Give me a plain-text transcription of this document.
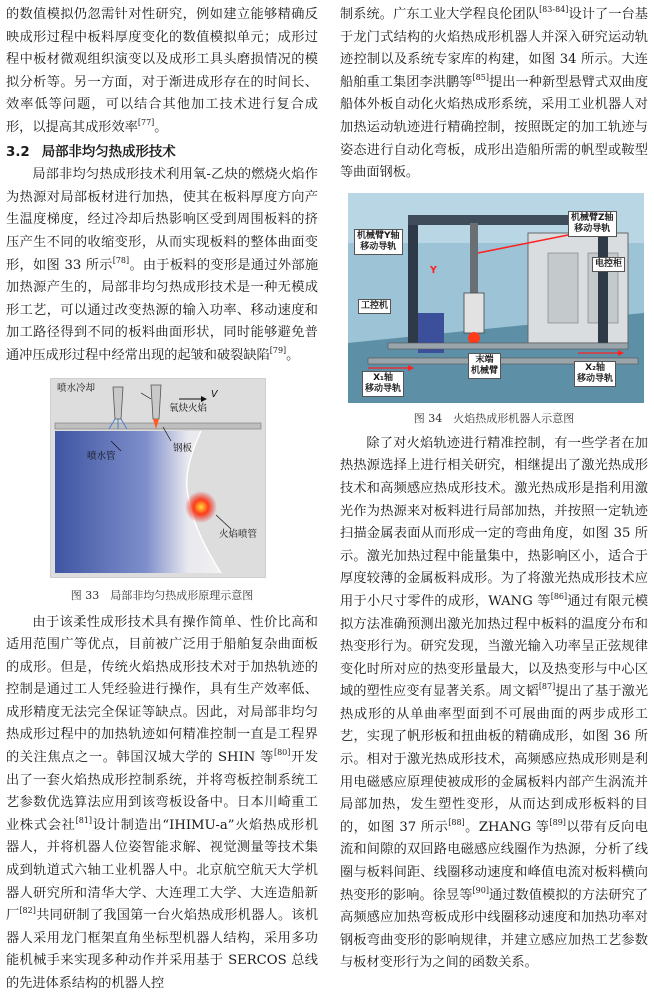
的数值模拟仍忽需针对性研究，例如建立能够精确反映成形过程中板料厚度变化的数值模拟单元；成形过程中板材微观组织演变以及成形工具头磨损情况的模拟分析等。另一方面，对于渐进成形存在的时间长、效率低等问题，可以结合其他加工技术进行复合成形，以提高其成形效率[77]。

3.2 局部非均匀热成形技术

局部非均匀热成形技术利用氧-乙炔的燃烧火焰作为热源对局部板材进行加热，使其在板料厚度方向产生温度梯度，经过冷却后热影响区受到周围板料的挤压产生不同的收缩变形，从而实现板料的整体曲面变形，如图 33 所示[78]。由于板料的变形是通过外部施加热源产生的，局部非均匀热成形技术是一种无模成形工艺，可以通过改变热源的输入功率、移动速度和加工路径得到不同的板料曲面形状，同时能够避免普通冲压成形过程中经常出现的起皱和破裂缺陷[79]。

喷水冷却
V
氧炔火焰
喷水管
钢板
火焰喷管
图 33　局部非均匀热成形原理示意图

由于该柔性成形技术具有操作简单、性价比高和适用范围广等优点，目前被广泛用于船舶复杂曲面板的成形。但是，传统火焰热成形技术对于加热轨迹的控制是通过工人凭经验进行操作，具有生产效率低、成形精度无法完全保证等缺点。因此，对局部非均匀热成形过程中的加热轨迹如何精准控制一直是工程界的关注焦点之一。韩国汉城大学的 SHIN 等[80]开发出了一套火焰热成形控制系统，并将弯板控制系统工艺参数优选算法应用到该弯板设备中。日本川崎重工业株式会社[81]设计制造出“IHIMU-a”火焰热成形机器人，并将机器人位姿智能求解、视觉测量等技术集成到轨道式六轴工业机器人中。北京航空航天大学机器人研究所和清华大学、大连理工大学、大连造船新厂[82]共同研制了我国第一台火焰热成形机器人。该机器人采用龙门框架直角坐标型机器人结构，采用多功能机械手来实现多种动作并采用基于 SERCOS 总线的先进体系结构的机器人控

制系统。广东工业大学程良伦团队[83-84]设计了一台基于龙门式结构的火焰热成形机器人并深入研究运动轨迹控制以及系统专家库的构建，如图 34 所示。大连船舶重工集团李洪鹏等[85]提出一种新型悬臂式双曲度船体外板自动化火焰热成形系统，采用工业机器人对加热运动轨迹进行精确控制，按照既定的加工轨迹与姿态进行自动化弯板，成形出造船所需的帆型或鞍型等曲面钢板。

机械臂Y轴
移动导轨
机械臂Z轴
移动导轨
电控柜
工控机
Y
X₁轴
移动导轨
末端
机械臂	X₂轴
移动导轨
图 34　火焰热成形机器人示意图

除了对火焰轨迹进行精准控制，有一些学者在加热热源选择上进行相关研究，相继提出了激光热成形技术和高频感应热成形技术。激光热成形是指利用激光作为热源来对板料进行局部加热，并按照一定轨迹扫描金属表面从而形成一定的弯曲角度，如图 35 所示。激光加热过程中能量集中，热影响区小，适合于厚度较薄的金属板料成形。为了将激光热成形技术应用于小尺寸零件的成形，WANG 等[86]通过有限元模拟方法准确预测出激光加热过程中板料的温度分布和热变形行为。研究发现，当激光输入功率呈正弦规律变化时所对应的热变形量最大，以及热变形与中心区域的塑性应变有显著关系。周文韬[87]提出了基于激光热成形的从单曲率型面到不可展曲面的两步成形工艺，实现了帆形板和扭曲板的精确成形，如图 36 所示。相对于激光热成形技术，高频感应热成形则是利用电磁感应原理使被成形的金属板料内部产生涡流并局部加热，发生塑性变形，从而达到成形板料的目的，如图 37 所示[88]。ZHANG 等[89]以带有反向电流和间隙的双回路电磁感应线圈作为热源，分析了线圈与板料间距、线圈移动速度和峰值电流对板料横向热变形的影响。徐昱等[90]通过数值模拟的方法研究了高频感应加热弯板成形中线圈移动速度和加热功率对钢板弯曲变形的影响规律，并建立感应加热工艺参数与板材变形行为之间的函数关系。
